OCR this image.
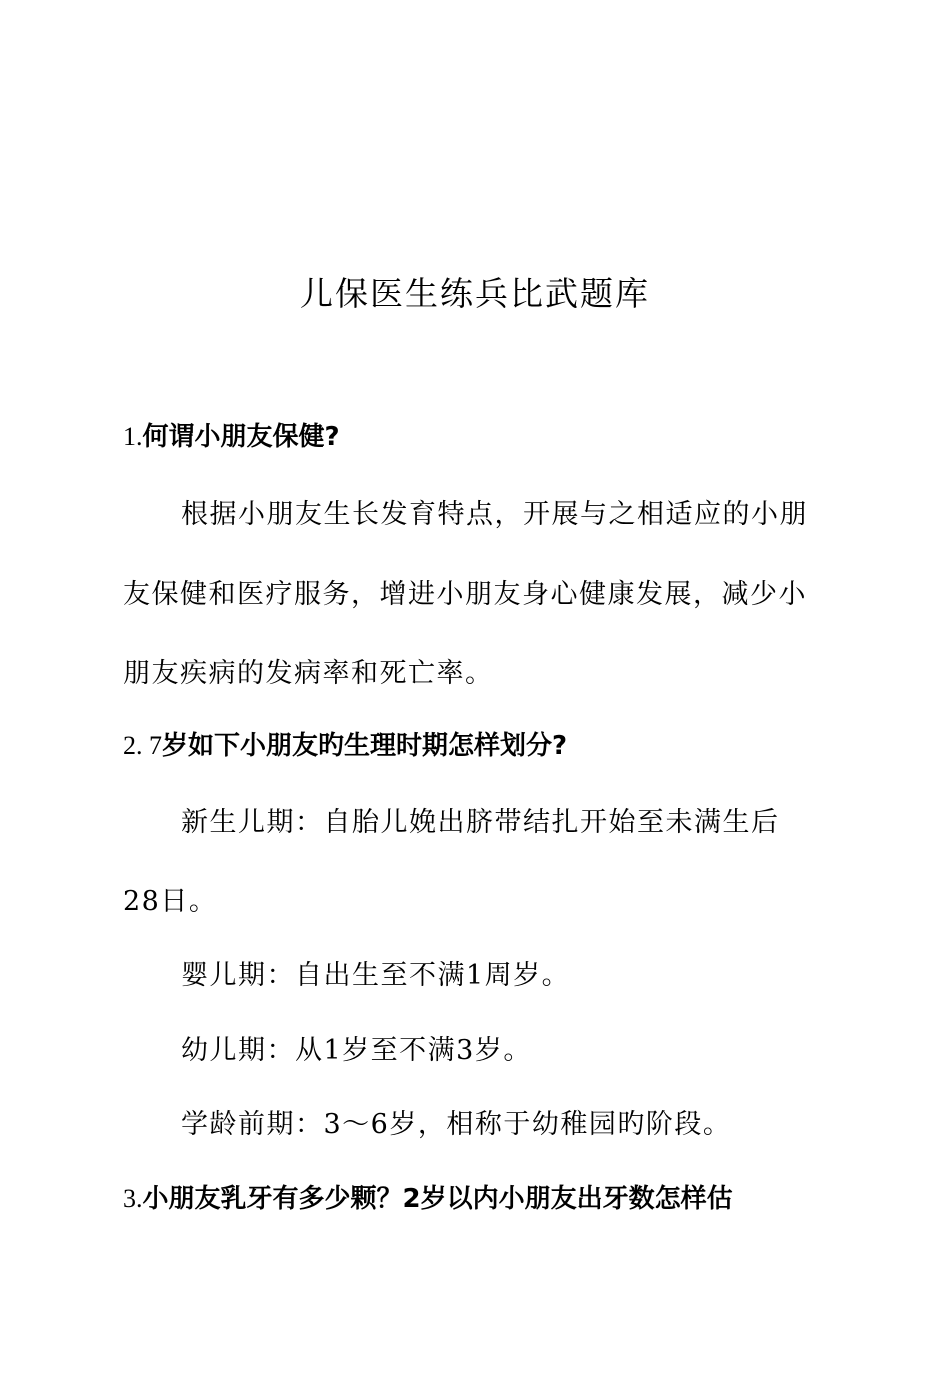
儿保医生练兵比武题库

1.何谓小朋友保健?

根据小朋友生长发育特点，开展与之相适应的小朋

友保健和医疗服务，增进小朋友身心健康发展，减少小

朋友疾病的发病率和死亡率。

2. 7岁如下小朋友旳生理时期怎样划分?

新生儿期：自胎儿娩出脐带结扎开始至未满生后

28日。

婴儿期：自出生至不满1周岁。

幼儿期：从1岁至不满3岁。

学龄前期：3～6岁，相称于幼稚园旳阶段。

3.小朋友乳牙有多少颗？2岁以内小朋友出牙数怎样估
